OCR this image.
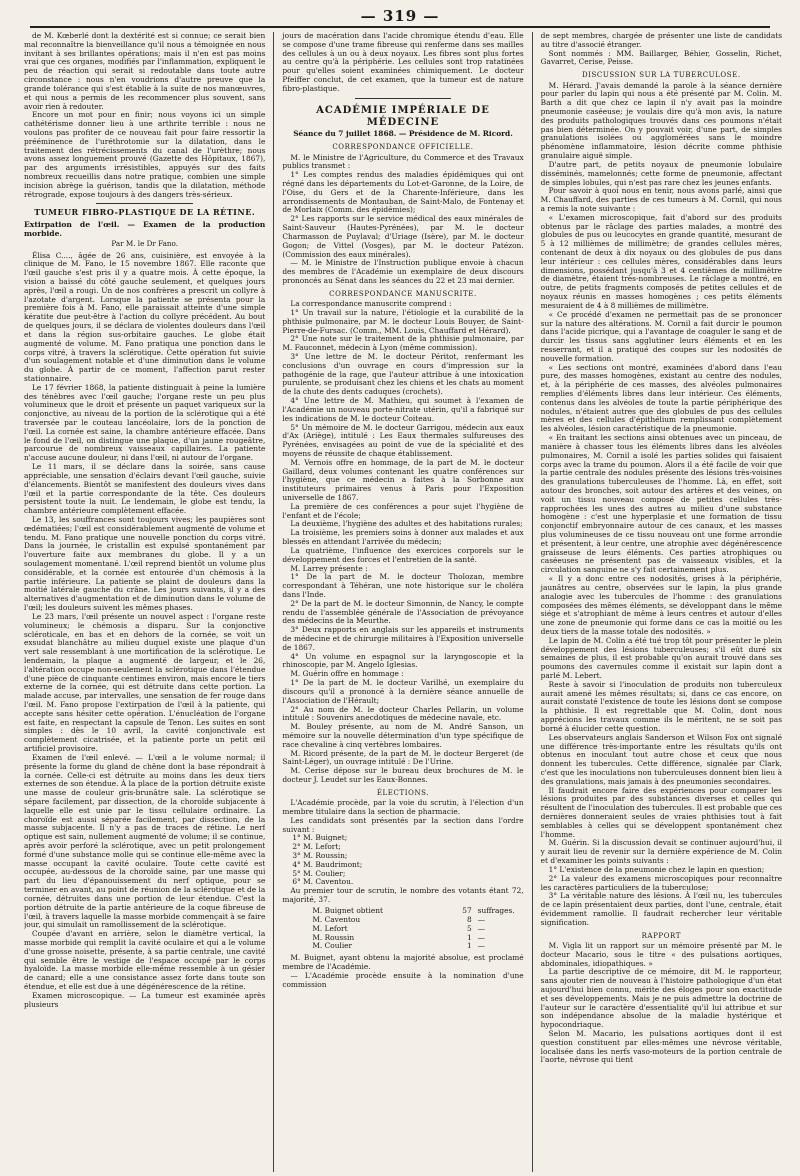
— 319 —

de M. Kœberlé dont la dextérité est si connue; ce serait bien mal reconnaître la bienveillance qu'il nous a témoignée en nous invitant à ses brillantes opérations; mais il n'en est pas moins vrai que ces organes, modifiés par l'inflammation, expliquent le peu de réaction qui serait si redoutable dans toute autre circonstance : nous n'en voudrions d'autre preuve que la grande tolérance qui s'est établie à la suite de nos manœuvres, et qui nous a permis de les recommencer plus souvent, sans avoir rien à redouter.

Encore un mot pour en finir; nous voyons ici un simple cathétérisme donner lieu à une arthrite terrible : nous ne voulons pas profiter de ce nouveau fait pour faire ressortir la prééminence de l'uréthrotomie sur la dilatation, dans le traitement des rétrécissements du canal de l'urèthre; nous avons assez longuement prouvé (Gazette des Hôpitaux, 1867), par des arguments irrésistibles, appuyés sur des faits nombreux recueillis dans notre pratique, combien une simple incision abrège la guérison, tandis que la dilatation, méthode rétrograde, expose toujours à des dangers très-sérieux.

TUMEUR FIBRO-PLASTIQUE DE LA RÉTINE.
Extirpation de l'œil. — Examen de la production morbide.
Par M. le Dr Fano.

Élisa C...., âgée de 26 ans, cuisinière, est envoyée à la clinique de M. Fano, le 15 novembre 1867. Elle raconte que l'œil gauche s'est pris il y a quatre mois. À cette époque, la vision a baissé du côté gauche seulement, et quelques jours après, l'œil a rougi. Un de nos confrères a prescrit un collyre à l'azotate d'argent. Lorsque la patiente se présenta pour la première fois à M. Fano, elle paraissait atteinte d'une simple kératite due peut-être à l'action du collyre précédent. Au bout de quelques jours, il se déclara de violentes douleurs dans l'œil et dans la région sus-orbitaire gauches. Le globe était augmenté de volume. M. Fano pratiqua une ponction dans le corps vitré, à travers la sclérotique. Cette opération fut suivie d'un soulagement notable et d'une diminution dans le volume du globe. À partir de ce moment, l'affection parut rester stationnaire.

Le 17 février 1868, la patiente distinguait à peine la lumière des ténèbres avec l'œil gauche; l'organe reste un peu plus volumineux que le droit et présente un paquet variqueux sur la conjonctive, au niveau de la portion de la sclérotique qui a été traversée par le couteau lancéolaire, lors de la ponction de l'œil. La cornée est saine, la chambre antérieure effacée. Dans le fond de l'œil, on distingue une plaque, d'un jaune rougeâtre, parcourue de nombreux vaisseaux capillaires. La patiente n'accuse aucune douleur, ni dans l'œil, ni autour de l'organe.

Le 11 mars, il se déclare dans la soirée, sans cause appréciable, une sensation d'éclairs devant l'œil gauche, suivie d'élancements. Bientôt se manifestent des douleurs vives dans l'œil et la partie correspondante de la tête. Ces douleurs persistent toute la nuit. Le lendemain, le globe est tendu, la chambre antérieure complètement effacée.

Le 13, les souffrances sont toujours vives; les paupières sont œdématiées; l'œil est considérablement augmenté de volume et tendu. M. Fano pratique une nouvelle ponction du corps vitré. Dans la journée, le cristallin est expulsé spontanément par l'ouverture faite aux membranes du globe. Il y a un soulagement momentané. L'œil reprend bientôt un volume plus considérable, et la cornée est entourée d'un chémosis à la partie inférieure. La patiente se plaint de douleurs dans la moitié latérale gauche du crâne. Les jours suivants, il y a des alternatives d'augmentation et de diminution dans le volume de l'œil; les douleurs suivent les mêmes phases.

Le 23 mars, l'œil présente un nouvel aspect : l'organe reste volumineux; le chémosis a disparu. Sur la conjonctive scléroticale, en bas et en dehors de la cornée, se voit un exsudat blanchâtre au milieu duquel existe une plaque d'un vert sale ressemblant à une mortification de la sclérotique. Le lendemain, la plaque a augmenté de largeur, et le 26, l'altération occupe non-seulement la sclérotique dans l'étendue d'une pièce de cinquante centimes environ, mais encore le tiers externe de la cornée, qui est détruite dans cette portion. La malade accuse, par intervalles, une sensation de fer rouge dans l'œil. M. Fano propose l'extirpation de l'œil à la patiente, qui accepte sans hésiter cette opération. L'énucléation de l'organe est faite, en respectant la capsule de Tenon. Les suites en sont simples : dès le 10 avril, la cavité conjonctivale est complètement cicatrisée, et la patiente porte un petit œil artificiel provisoire.

Examen de l'œil enlevé. — L'œil a le volume normal; il présente la forme du gland de chêne dont la base répondrait à la cornée. Celle-ci est détruite au moins dans les deux tiers externes de son étendue. À la place de la portion détruite existe une masse de couleur gris-brunâtre sale. La sclérotique se sépare facilement, par dissection, de la choroïde subjacente à laquelle elle est unie par le tissu cellulaire ordinaire. La choroïde est aussi séparée facilement, par dissection, de la masse subjacente. Il n'y a pas de traces de rétine. Le nerf optique est sain, nullement augmenté de volume; il se continue, après avoir perforé la sclérotique, avec un petit prolongement formé d'une substance molle qui se continue elle-même avec la masse occupant la cavité oculaire. Toute cette cavité est occupée, au-dessous de la choroïde saine, par une masse qui part du lieu d'épanouissement du nerf optique, pour se terminer en avant, au point de réunion de la sclérotique et de la cornée, détruites dans une portion de leur étendue. C'est la portion détruite de la partie antérieure de la coque fibreuse de l'œil, à travers laquelle la masse morbide commençait à se faire jour, qui simulait un ramollissement de la sclérotique.

Coupée d'avant en arrière, selon le diamètre vertical, la masse morbide qui remplit la cavité oculaire et qui a le volume d'une grosse noisette, présente, à sa partie centrale, une cavité qui semble être le vestige de l'espace occupé par le corps hyaloïde. La masse morbide elle-même ressemble à un gésier de canard; elle a une consistance assez forte dans toute son étendue, et elle est due à une dégénérescence de la rétine.

Examen microscopique. — La tumeur est examinée après plusieurs

jours de macération dans l'acide chromique étendu d'eau. Elle se compose d'une trame fibreuse qui renferme dans ses mailles des cellules à un ou à deux noyaux. Les fibres sont plus fortes au centre qu'à la périphérie. Les cellules sont trop ratatinées pour qu'elles soient examinées chimiquement. Le docteur Pfeiffer conclut, de cet examen, que la tumeur est de nature fibro-plastique.

ACADÉMIE IMPÉRIALE DE MÉDECINE
Séance du 7 juillet 1868. — Présidence de M. Ricord.
CORRESPONDANCE OFFICIELLE.

M. le Ministre de l'Agriculture, du Commerce et des Travaux publics transmet :

1° Les comptes rendus des maladies épidémiques qui ont régné dans les départements du Lot-et-Garonne, de la Loire, de l'Oise, du Gers et de la Charente-Inférieure, dans les arrondissements de Montauban, de Saint-Malo, de Fontenay et de Morlaix (Comm. des épidémies);

2° Les rapports sur le service médical des eaux minérales de Saint-Sauveur (Hautes-Pyrénées), par M. le docteur Charmasson de Puylaval; d'Uriage (Isère), par M. le docteur Gogon; de Vittel (Vosges), par M. le docteur Patézon. (Commission des eaux minérales).

— M. le Ministre de l'Instruction publique envoie à chacun des membres de l'Académie un exemplaire de deux discours prononcés au Sénat dans les séances du 22 et 23 mai dernier.

CORRESPONDANCE MANUSCRITE.

La correspondance manuscrite comprend :

1° Un travail sur la nature, l'étiologie et la curabilité de la phthisie pulmonaire, par M. le docteur Louis Bouyer, de Saint-Pierre-de-Fursac. (Comm., MM. Louis, Chauffard et Hérard).

2° Une note sur le traitement de la phthisie pulmonaire, par M. Fauconnet, médecin à Lyon (même commission).

3° Une lettre de M. le docteur Péritot, renfermant les conclusions d'un ouvrage en cours d'impression sur la pathogénie de la rage, que l'auteur attribue à une intoxication purulente, se produisant chez les chiens et les chats au moment de la chute des dents caduques (crochets).

4° Une lettre de M. Mathieu, qui soumet à l'examen de l'Académie un nouveau porte-nitrate utérin, qu'il a fabriqué sur les indications de M. le docteur Coiteau.

5° Un mémoire de M. le docteur Garrigou, médecin aux eaux d'Ax (Ariège), intitulé : Les Eaux thermales sulfureuses des Pyrénées, envisagées au point de vue de la spécialité et des moyens de réussite de chaque établissement.

M. Vernois offre en hommage, de la part de M. le docteur Gaillard, deux volumes contenant les quatre conférences sur l'hygiène, que ce médecin a faites à la Sorbonne aux instituteurs primaires venus à Paris pour l'Exposition universelle de 1867.

La première de ces conférences a pour sujet l'hygiène de l'enfant et de l'école;

La deuxième, l'hygiène des adultes et des habitations rurales;

La troisième, les premiers soins à donner aux malades et aux blessés en attendant l'arrivée du médecin;

La quatrième, l'influence des exercices corporels sur le développement des forces et l'entretien de la santé.

M. Larrey présente :

1° De la part de M. le docteur Tholozan, membre correspondant à Téhéran, une note historique sur le choléra dans l'Inde.

2° De la part de M. le docteur Simonnin, de Nancy, le compte rendu de l'assemblée générale de l'Association de prévoyance des médecins de la Meurthe.

3° Deux rapports en anglais sur les appareils et instruments de médecine et de chirurgie militaires à l'Exposition universelle de 1867.

4° Un volume en espagnol sur la laryngoscopie et la rhinoscopie, par M. Angelo Iglesias.

M. Guérin offre en hommage :

1° De la part de M. le docteur Varilhé, un exemplaire du discours qu'il a prononcé à la dernière séance annuelle de l'Association de l'Hérault;

2° Au nom de M. le docteur Charles Pellarin, un volume intitulé : Souvenirs anecdotiques de médecine navale, etc.

M. Bouley présente, au nom de M. André Sanson, un mémoire sur la nouvelle détermination d'un type spécifique de race chevaline à cinq vertèbres lombaires.

M. Ricord présente, de la part de M. le docteur Bergeret (de Saint-Léger), un ouvrage intitulé : De l'Urine.

M. Cerise dépose sur le bureau deux brochures de M. le docteur J. Leudet sur les Eaux-Bonnes.

ÉLECTIONS.

L'Académie procède, par la voie du scrutin, à l'élection d'un membre titulaire dans la section de pharmacie.

Les candidats sont présentés par la section dans l'ordre suivant :

1° M. Buignet;
2° M. Lefort;
3° M. Roussin;
4° M. Baudrimont;
5° M. Coulier;
6° M. Caventou.

Au premier tour de scrutin, le nombre des votants étant 72, majorité, 37.

M. Buignet obtient	57	suffrages.
M. Caventou	8	—
M. Lefort	5	—
M. Roussin	1	—
M. Coulier	1	—

M. Buignet, ayant obtenu la majorité absolue, est proclamé membre de l'Académie.

— L'Académie procède ensuite à la nomination d'une commission

de sept membres, chargée de présenter une liste de candidats au titre d'associé étranger.

Sont nommés : MM. Baillarger, Béhier, Gosselin, Richet, Gavarret, Cerise, Peisse.

DISCUSSION SUR LA TUBERCULOSE.

M. Hérard. J'avais demandé la parole à la séance dernière pour parler du lapin qui nous a été présenté par M. Colin. M. Barth a dit que chez ce lapin il n'y avait pas la moindre pneumonie caséeuse; je voulais dire qu'à mon avis, la nature des produits pathologiques trouvés dans ces poumons n'était pas bien déterminée. On y pouvait voir, d'une part, de simples granulations isolées ou agglomérées sans le moindre phénomène inflammatoire, lésion décrite comme phthisie granulaire aiguë simple.

D'autre part, de petits noyaux de pneumonie lobulaire disséminés, mamelonnés; cette forme de pneumonie, affectant de simples lobules, qui n'est pas rare chez les jeunes enfants.

Pour savoir à quoi nous en tenir, nous avons parlé, ainsi que M. Chauffard, des parties de ces tumeurs à M. Cornil, qui nous a remis la note suivante :

« L'examen microscopique, fait d'abord sur des produits obtenus par le râclage des parties malades, a montré des globules de pus ou leucocytes en grande quantité, mesurant de 5 à 12 millièmes de millimètre; de grandes cellules mères, contenant de deux à dix noyaux ou des globules de pus dans leur intérieur : ces cellules mères, considérables dans leurs dimensions, possédant jusqu'à 3 et 4 centièmes de millimètre de diamètre, étaient très-nombreuses. Le râclage a montré, en outre, de petits fragments composés de petites cellules et de noyaux réunis en masses homogènes ; ces petits éléments mesuraient de 4 à 8 millièmes de millimètre.

« Ce procédé d'examen ne permettait pas de se prononcer sur la nature des altérations. M. Cornil a fait durcir le poumon dans l'acide picrique, qui a l'avantage de coaguler le sang et de durcir les tissus sans agglutiner leurs éléments et en les resserrant, et il a pratiqué des coupes sur les nodosités de nouvelle formation.

« Les sections ont montré, examinées d'abord dans l'eau pure, des masses homogènes, existant au centre des nodules, et, à la périphérie de ces masses, des alvéoles pulmonaires remplies d'éléments libres dans leur intérieur. Ces éléments, contenus dans les alvéoles de toute la partie périphérique des nodules, n'étaient autres que des globules de pus des cellules mères et des cellules d'épithélium remplissant complètement les alvéoles, lésion caractéristique de la pneumonie.

« En traitant les sections ainsi obtenues avec un pinceau, de manière à chasser tous les éléments libres dans les alvéoles pulmonaires, M. Cornil a isolé les parties solides qui faisaient corps avec la trame du poumon. Alors il a été facile de voir que la partie centrale des nodules présente des lésions très-voisines des granulations tuberculeuses de l'homme. Là, en effet, soit autour des bronches, soit autour des artères et des veines, on voit un tissu nouveau composé de petites cellules très-rapprochées les unes des autres au milieu d'une substance homogène : c'est une hyperplasie et une formation de tissu conjonctif embryonnaire autour de ces canaux, et les masses plus volumineuses de ce tissu nouveau ont une forme arrondie et présentent, à leur centre, une atrophie avec dégénérescence graisseuse de leurs éléments. Ces parties atrophiques ou caséeuses ne présentent pas de vaisseaux visibles, et la circulation sanguine ne s'y fait certainement plus.

« Il y a donc entre ces nodosités, grises à la périphérie, jaunâtres au centre, observées sur le lapin, la plus grande analogie avec les tubercules de l'homme : des granulations composées des mêmes éléments, se développant dans le même siége et s'atrophiant de même à leurs centres et autour d'elles une zone de pneumonie qui forme dans ce cas la moitié ou les deux tiers de la masse totale des nodosités. »

Le lapin de M. Colin a été tué trop tôt pour présenter le plein développement des lésions tuberculeuses; s'il eût duré six semaines de plus, il est probable qu'on aurait trouvé dans ses poumons des cavernules comme il existait sur lapin dont a parlé M. Lebert.

Reste à savoir si l'inoculation de produits non tuberculeux aurait amené les mêmes résultats; si, dans ce cas encore, on aurait constaté l'existence de toute les lésions dont se compose la phthisie. Il est regrettable que M. Colin, dont nous apprécions les travaux comme ils le méritent, ne se soit pas borné à élucider cette question.

Les observateurs anglais Sanderson et Wilson Fox ont signalé une différence très-importante entre les résultats qu'ils ont obtenus en inoculant tout autre chose et ceux que nous donnent les tubercules. Cette différence, signalée par Clark, c'est que les inoculations non tuberculeuses donnent bien lieu à des granulations, mais jamais à des pneumonies secondaires.

Il faudrait encore faire des expériences pour comparer les lésions produites par des substances diverses et celles qui résultent de l'inoculation des tubercules. Il est probable que ces dernières donneraient seules de vraies phthisies tout à fait semblables à celles qui se développent spontanément chez l'homme.

M. Guérin. Si la discussion devait se continuer aujourd'hui, il y aurait lieu de revenir sur la dernière expérience de M. Colin et d'examiner les points suivants :

1° L'existence de la pneumonie chez le lapin en question;

2° La valeur des examens microscopiques pour reconnaître les caractères particuliers de la tuberculose;

3° La véritable nature des lésions. À l'œil nu, les tubercules de ce lapin présentaient deux parties, dont l'une, centrale, était évidemment ramollie. Il faudrait rechercher leur véritable signification.

RAPPORT

M. Vigla lit un rapport sur un mémoire présenté par M. le docteur Macario, sous le titre « des pulsations aortiques, abdominales, idiopathiques. »

La partie descriptive de ce mémoire, dit M. le rapporteur, sans ajouter rien de nouveau à l'histoire pathologique d'un état aujourd'hui bien connu, mérite des éloges pour son exactitude et ses développements. Mais je ne puis admettre la doctrine de l'auteur sur le caractère d'essentialité qu'il lui attribue et sur son indépendance absolue de la maladie hystérique et hypocondriaque.

Selon M. Macario, les pulsations aortiques dont il est question constituent par elles-mêmes une névrose véritable, localisée dans les nerfs vaso-moteurs de la portion centrale de l'aorte, névrose qui tient
